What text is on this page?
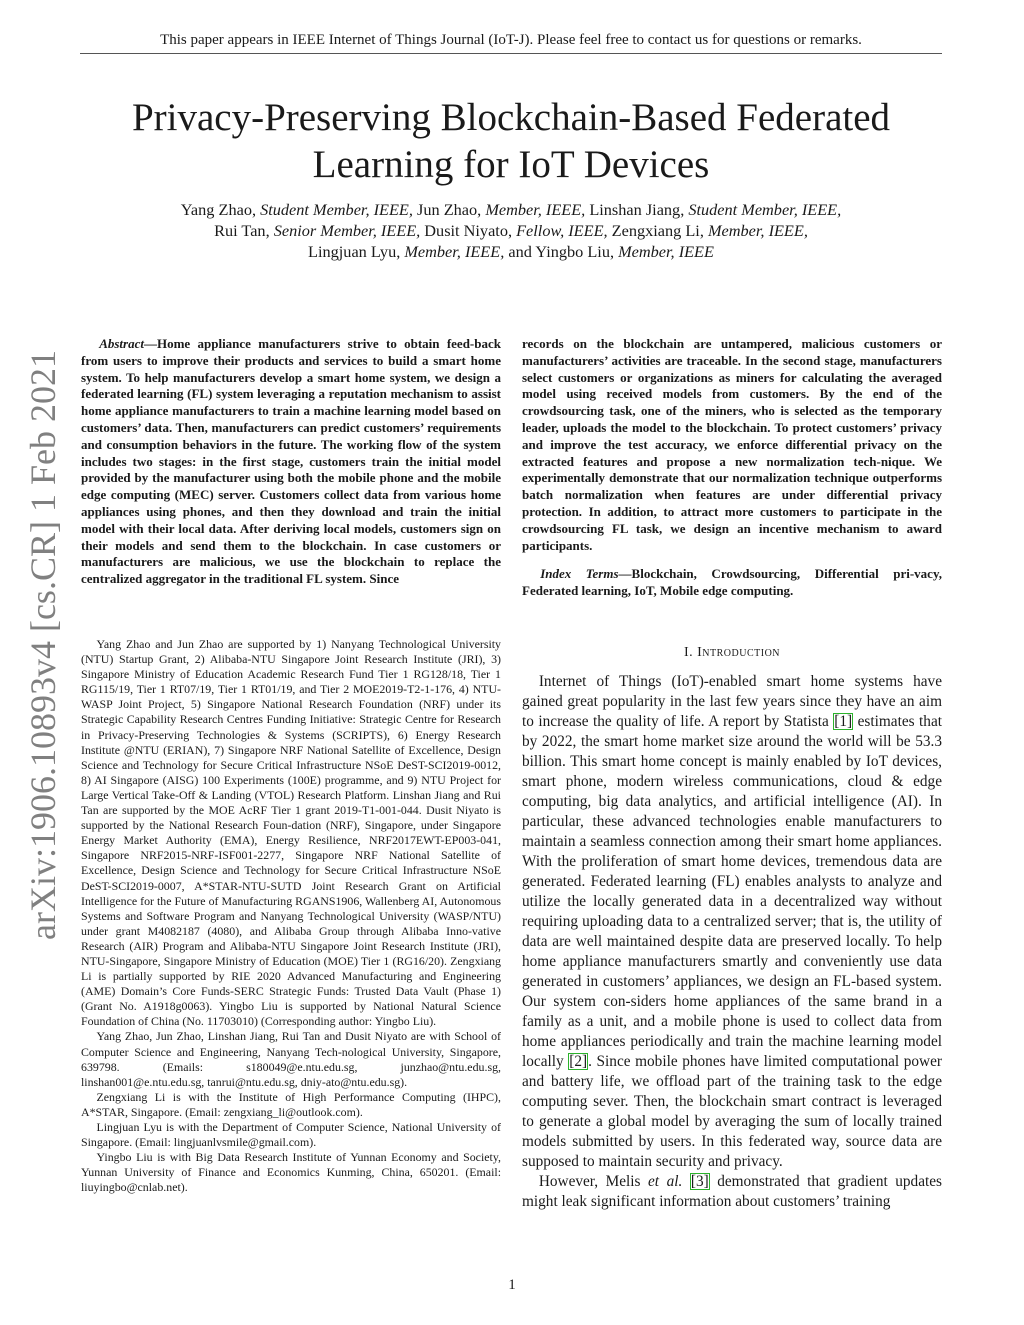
This paper appears in IEEE Internet of Things Journal (IoT-J). Please feel free to contact us for questions or remarks.
Privacy-Preserving Blockchain-Based Federated
Learning for IoT Devices
Yang Zhao, Student Member, IEEE, Jun Zhao, Member, IEEE, Linshan Jiang, Student Member, IEEE,
Rui Tan, Senior Member, IEEE, Dusit Niyato, Fellow, IEEE, Zengxiang Li, Member, IEEE,
Lingjuan Lyu, Member, IEEE, and Yingbo Liu, Member, IEEE
arXiv:1906.10893v4 [cs.CR] 1 Feb 2021

Abstract—Home appliance manufacturers strive to obtain feed-back from users to improve their products and services to build a smart home system. To help manufacturers develop a smart home system, we design a federated learning (FL) system leveraging a reputation mechanism to assist home appliance manufacturers to train a machine learning model based on customers’ data. Then, manufacturers can predict customers’ requirements and consumption behaviors in the future. The working flow of the system includes two stages: in the first stage, customers train the initial model provided by the manufacturer using both the mobile phone and the mobile edge computing (MEC) server. Customers collect data from various home appliances using phones, and then they download and train the initial model with their local data. After deriving local models, customers sign on their models and send them to the blockchain. In case customers or manufacturers are malicious, we use the blockchain to replace the centralized aggregator in the traditional FL system. Since

records on the blockchain are untampered, malicious customers or manufacturers’ activities are traceable. In the second stage, manufacturers select customers or organizations as miners for calculating the averaged model using received models from customers. By the end of the crowdsourcing task, one of the miners, who is selected as the temporary leader, uploads the model to the blockchain. To protect customers’ privacy and improve the test accuracy, we enforce differential privacy on the extracted features and propose a new normalization tech-nique. We experimentally demonstrate that our normalization technique outperforms batch normalization when features are under differential privacy protection. In addition, to attract more customers to participate in the crowdsourcing FL task, we design an incentive mechanism to award participants.

Index Terms—Blockchain, Crowdsourcing, Differential pri-vacy, Federated learning, IoT, Mobile edge computing.

Yang Zhao and Jun Zhao are supported by 1) Nanyang Technological University (NTU) Startup Grant, 2) Alibaba-NTU Singapore Joint Research Institute (JRI), 3) Singapore Ministry of Education Academic Research Fund Tier 1 RG128/18, Tier 1 RG115/19, Tier 1 RT07/19, Tier 1 RT01/19, and Tier 2 MOE2019-T2-1-176, 4) NTU-WASP Joint Project, 5) Singapore National Research Foundation (NRF) under its Strategic Capability Research Centres Funding Initiative: Strategic Centre for Research in Privacy-Preserving Technologies & Systems (SCRIPTS), 6) Energy Research Institute @NTU (ERIAN), 7) Singapore NRF National Satellite of Excellence, Design Science and Technology for Secure Critical Infrastructure NSoE DeST-SCI2019-0012, 8) AI Singapore (AISG) 100 Experiments (100E) programme, and 9) NTU Project for Large Vertical Take-Off & Landing (VTOL) Research Platform. Linshan Jiang and Rui Tan are supported by the MOE AcRF Tier 1 grant 2019-T1-001-044. Dusit Niyato is supported by the National Research Foun-dation (NRF), Singapore, under Singapore Energy Market Authority (EMA), Energy Resilience, NRF2017EWT-EP003-041, Singapore NRF2015-NRF-ISF001-2277, Singapore NRF National Satellite of Excellence, Design Science and Technology for Secure Critical Infrastructure NSoE DeST-SCI2019-0007, A*STAR-NTU-SUTD Joint Research Grant on Artificial Intelligence for the Future of Manufacturing RGANS1906, Wallenberg AI, Autonomous Systems and Software Program and Nanyang Technological University (WASP/NTU) under grant M4082187 (4080), and Alibaba Group through Alibaba Inno-vative Research (AIR) Program and Alibaba-NTU Singapore Joint Research Institute (JRI), NTU-Singapore, Singapore Ministry of Education (MOE) Tier 1 (RG16/20). Zengxiang Li is partially supported by RIE 2020 Advanced Manufacturing and Engineering (AME) Domain’s Core Funds-SERC Strategic Funds: Trusted Data Vault (Phase 1) (Grant No. A1918g0063). Yingbo Liu is supported by National Natural Science Foundation of China (No. 11703010) (Corresponding author: Yingbo Liu).

Yang Zhao, Jun Zhao, Linshan Jiang, Rui Tan and Dusit Niyato are with School of Computer Science and Engineering, Nanyang Tech-nological University, Singapore, 639798. (Emails: s180049@e.ntu.edu.sg, junzhao@ntu.edu.sg, linshan001@e.ntu.edu.sg, tanrui@ntu.edu.sg, dniy-ato@ntu.edu.sg).

Zengxiang Li is with the Institute of High Performance Computing (IHPC), A*STAR, Singapore. (Email: zengxiang_li@outlook.com).

Lingjuan Lyu is with the Department of Computer Science, National University of Singapore. (Email: lingjuanlvsmile@gmail.com).

Yingbo Liu is with Big Data Research Institute of Yunnan Economy and Society, Yunnan University of Finance and Economics Kunming, China, 650201. (Email: liuyingbo@cnlab.net).

I. Introduction

Internet of Things (IoT)-enabled smart home systems have gained great popularity in the last few years since they have an aim to increase the quality of life. A report by Statista [1] estimates that by 2022, the smart home market size around the world will be 53.3 billion. This smart home concept is mainly enabled by IoT devices, smart phone, modern wireless communications, cloud & edge computing, big data analytics, and artificial intelligence (AI). In particular, these advanced technologies enable manufacturers to maintain a seamless connection among their smart home appliances. With the proliferation of smart home devices, tremendous data are generated. Federated learning (FL) enables analysts to analyze and utilize the locally generated data in a decentralized way without requiring uploading data to a centralized server; that is, the utility of data are well maintained despite data are preserved locally. To help home appliance manufacturers smartly and conveniently use data generated in customers’ appliances, we design an FL-based system. Our system con-siders home appliances of the same brand in a family as a unit, and a mobile phone is used to collect data from home appliances periodically and train the machine learning model locally [2]. Since mobile phones have limited computational power and battery life, we offload part of the training task to the edge computing sever. Then, the blockchain smart contract is leveraged to generate a global model by averaging the sum of locally trained models submitted by users. In this federated way, source data are supposed to maintain security and privacy.

However, Melis et al. [3] demonstrated that gradient updates might leak significant information about customers’ training

1
